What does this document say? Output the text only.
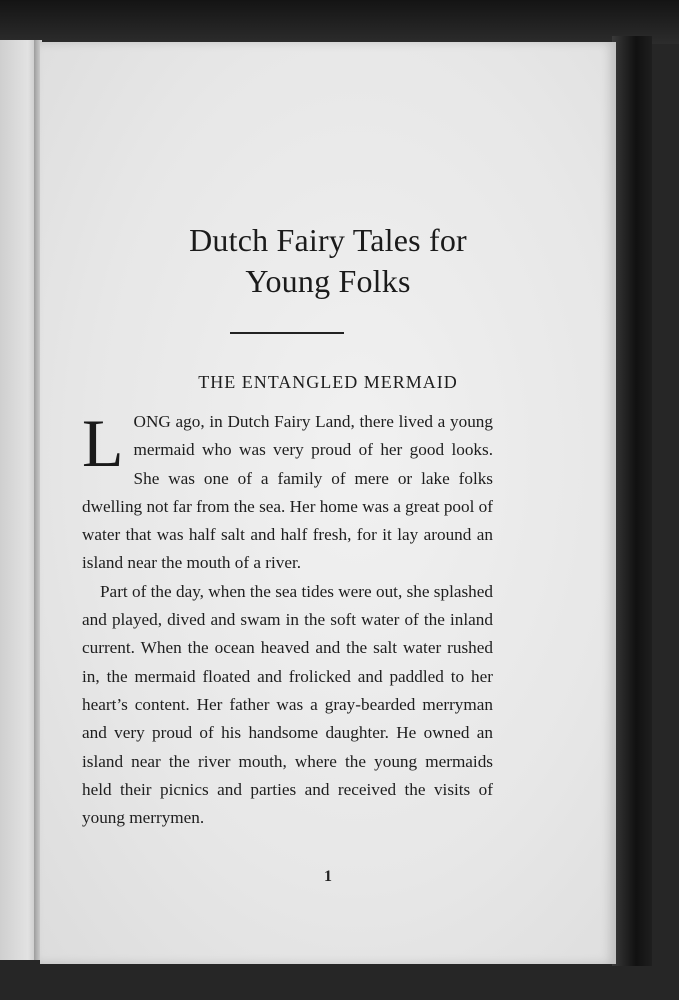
Dutch Fairy Tales for
Young Folks
THE ENTANGLED MERMAID

LONG ago, in Dutch Fairy Land, there lived a young mermaid who was very proud of her good looks. She was one of a family of mere or lake folks dwelling not far from the sea. Her home was a great pool of water that was half salt and half fresh, for it lay around an island near the mouth of a river.

Part of the day, when the sea tides were out, she splashed and played, dived and swam in the soft water of the inland current. When the ocean heaved and the salt water rushed in, the mermaid floated and frolicked and paddled to her heart’s content. Her father was a gray-bearded merryman and very proud of his handsome daughter. He owned an island near the river mouth, where the young mermaids held their picnics and parties and received the visits of young merrymen.

1
